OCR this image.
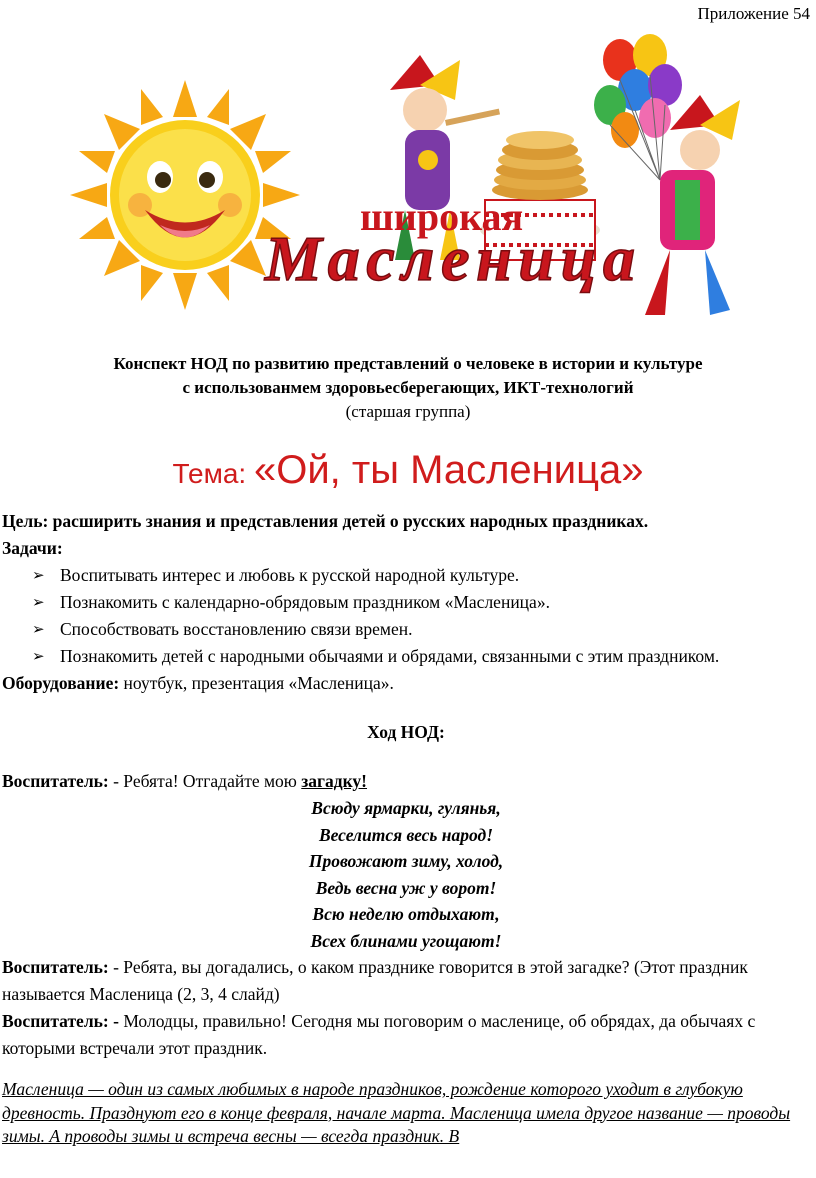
Приложение 54
широкая
Масленица
Конспект НОД по развитию представлений о человеке в истории и культуре
с использованмем здоровьесберегающих, ИКТ-технологий
(старшая группа)
Тема: «Ой, ты Масленица»

Цель: расширить знания и представления детей о русских народных праздниках.

Задачи:

➢ Воспитывать интерес и любовь к русской народной культуре.
➢ Познакомить с календарно-обрядовым праздником «Масленица».
➢ Способствовать восстановлению связи времен.
➢ Познакомить детей с народными обычаями и обрядами, связанными с этим праздником.

Оборудование: ноутбук, презентация «Масленица».

Ход НОД:

Воспитатель: - Ребята! Отгадайте мою загадку!

Всюду ярмарки, гулянья,

Веселится весь народ!

Провожают зиму, холод,

Ведь весна уж у ворот!

Всю неделю отдыхают,

Всех блинами угощают!

Воспитатель: - Ребята, вы догадались, о каком празднике говорится в этой загадке? (Этот праздник называется Масленица (2, 3, 4 слайд)

Воспитатель: - Молодцы, правильно! Сегодня мы поговорим о масленице, об обрядах, да обычаях с которыми встречали этот праздник.

Масленица — один из самых любимых в народе праздников, рождение которого уходит в глубокую древность. Празднуют его в конце февраля, начале марта. Масленица имела другое название — проводы зимы. А проводы зимы и встреча весны — всегда праздник. В
